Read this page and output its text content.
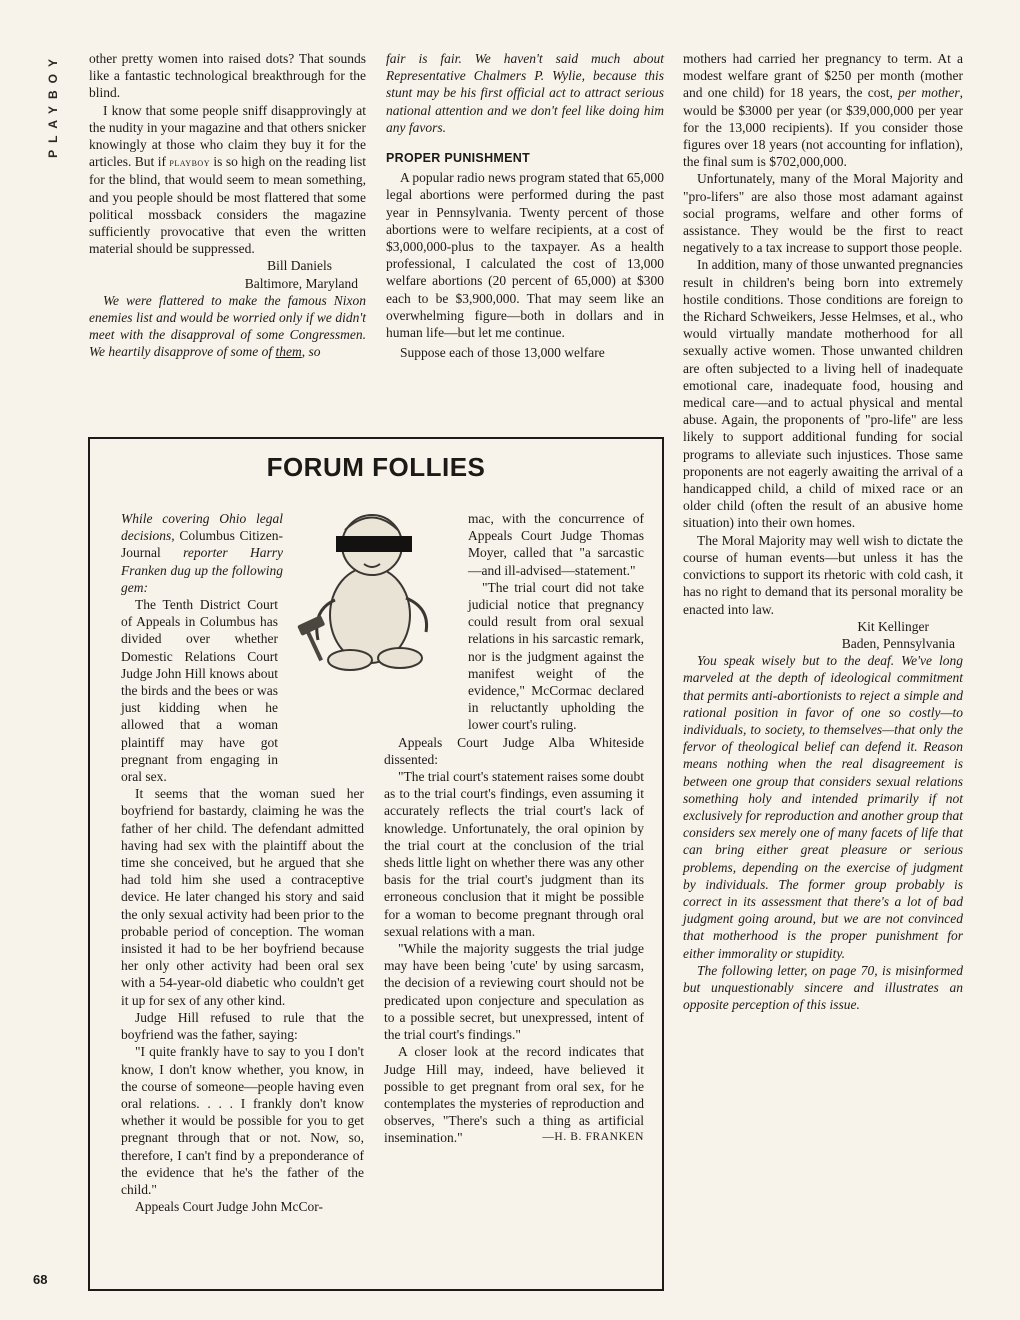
PLAYBOY
68

other pretty women into raised dots? That sounds like a fantastic technological breakthrough for the blind.

I know that some people sniff disapprovingly at the nudity in your magazine and that others snicker knowingly at those who claim they buy it for the articles. But if playboy is so high on the reading list for the blind, that would seem to mean something, and you people should be most flattered that some political mossback considers the magazine sufficiently provocative that even the written material should be suppressed.

Bill Daniels

Baltimore, Maryland

We were flattered to make the famous Nixon enemies list and would be worried only if we didn't meet with the disapproval of some Congressmen. We heartily disapprove of some of them, so

fair is fair. We haven't said much about Representative Chalmers P. Wylie, because this stunt may be his first official act to attract serious national attention and we don't feel like doing him any favors.

PROPER PUNISHMENT

A popular radio news program stated that 65,000 legal abortions were performed during the past year in Pennsylvania. Twenty percent of those abortions were to welfare recipients, at a cost of $3,000,000-plus to the taxpayer. As a health professional, I calculated the cost of 13,000 welfare abortions (20 percent of 65,000) at $300 each to be $3,900,000. That may seem like an overwhelming figure—both in dollars and in human life—but let me continue.

Suppose each of those 13,000 welfare

mothers had carried her pregnancy to term. At a modest welfare grant of $250 per month (mother and one child) for 18 years, the cost, per mother, would be $3000 per year (or $39,000,000 per year for the 13,000 recipients). If you consider those figures over 18 years (not accounting for inflation), the final sum is $702,000,000.

Unfortunately, many of the Moral Majority and "pro-lifers" are also those most adamant against social programs, welfare and other forms of assistance. They would be the first to react negatively to a tax increase to support those people.

In addition, many of those unwanted pregnancies result in children's being born into extremely hostile conditions. Those conditions are foreign to the Richard Schweikers, Jesse Helmses, et al., who would virtually mandate motherhood for all sexually active women. Those unwanted children are often subjected to a living hell of inadequate emotional care, inadequate food, housing and medical care—and to actual physical and mental abuse. Again, the proponents of "pro-life" are less likely to support additional funding for social programs to alleviate such injustices. Those same proponents are not eagerly awaiting the arrival of a handicapped child, a child of mixed race or an older child (often the result of an abusive home situation) into their own homes.

The Moral Majority may well wish to dictate the course of human events—but unless it has the convictions to support its rhetoric with cold cash, it has no right to demand that its personal morality be enacted into law.

Kit Kellinger

Baden, Pennsylvania

You speak wisely but to the deaf. We've long marveled at the depth of ideological commitment that permits anti-abortionists to reject a simple and rational position in favor of one so costly—to individuals, to society, to themselves—that only the fervor of theological belief can defend it. Reason means nothing when the real disagreement is between one group that considers sexual relations something holy and intended primarily if not exclusively for reproduction and another group that considers sex merely one of many facets of life that can bring either great pleasure or serious problems, depending on the exercise of judgment by individuals. The former group probably is correct in its assessment that there's a lot of bad judgment going around, but we are not convinced that motherhood is the proper punishment for either immorality or stupidity.

The following letter, on page 70, is misinformed but unquestionably sincere and illustrates an opposite perception of this issue.

FORUM FOLLIES

While covering Ohio legal decisions, Columbus Citizen-Journal reporter Harry Franken dug up the following gem:

The Tenth District Court of Appeals in Columbus has divided over whether Domestic Relations Court Judge John Hill knows about the birds and the bees or was just kidding when he allowed that a woman plaintiff may have got pregnant from engaging in oral sex.

It seems that the woman sued her boyfriend for bastardy, claiming he was the father of her child. The defendant admitted having had sex with the plaintiff about the time she conceived, but he argued that she had told him she used a contraceptive device. He later changed his story and said the only sexual activity had been prior to the probable period of conception. The woman insisted it had to be her boyfriend because her only other activity had been oral sex with a 54-year-old diabetic who couldn't get it up for sex of any other kind.

Judge Hill refused to rule that the boyfriend was the father, saying:

"I quite frankly have to say to you I don't know, I don't know whether, you know, in the course of someone—people having even oral relations. . . . I frankly don't know whether it would be possible for you to get pregnant through that or not. Now, so, therefore, I can't find by a preponderance of the evidence that he's the father of the child."

Appeals Court Judge John McCor-

mac, with the concurrence of Appeals Court Judge Thomas Moyer, called that "a sarcastic—and ill-advised—statement."

"The trial court did not take judicial notice that pregnancy could result from oral sexual relations in his sarcastic remark, nor is the judgment against the manifest weight of the evidence," McCormac declared in reluctantly upholding the lower court's ruling.

Appeals Court Judge Alba Whiteside dissented:

"The trial court's statement raises some doubt as to the trial court's findings, even assuming it accurately reflects the trial court's lack of knowledge. Unfortunately, the oral opinion by the trial court at the conclusion of the trial sheds little light on whether there was any other basis for the trial court's judgment than its erroneous conclusion that it might be possible for a woman to become pregnant through oral sexual relations with a man.

"While the majority suggests the trial judge may have been being 'cute' by using sarcasm, the decision of a reviewing court should not be predicated upon conjecture and speculation as to a possible secret, but unexpressed, intent of the trial court's findings."

A closer look at the record indicates that Judge Hill may, indeed, have believed it possible to get pregnant from oral sex, for he contemplates the mysteries of reproduction and observes, "There's such a thing as artificial insemination."	—H. B. FRANKEN
